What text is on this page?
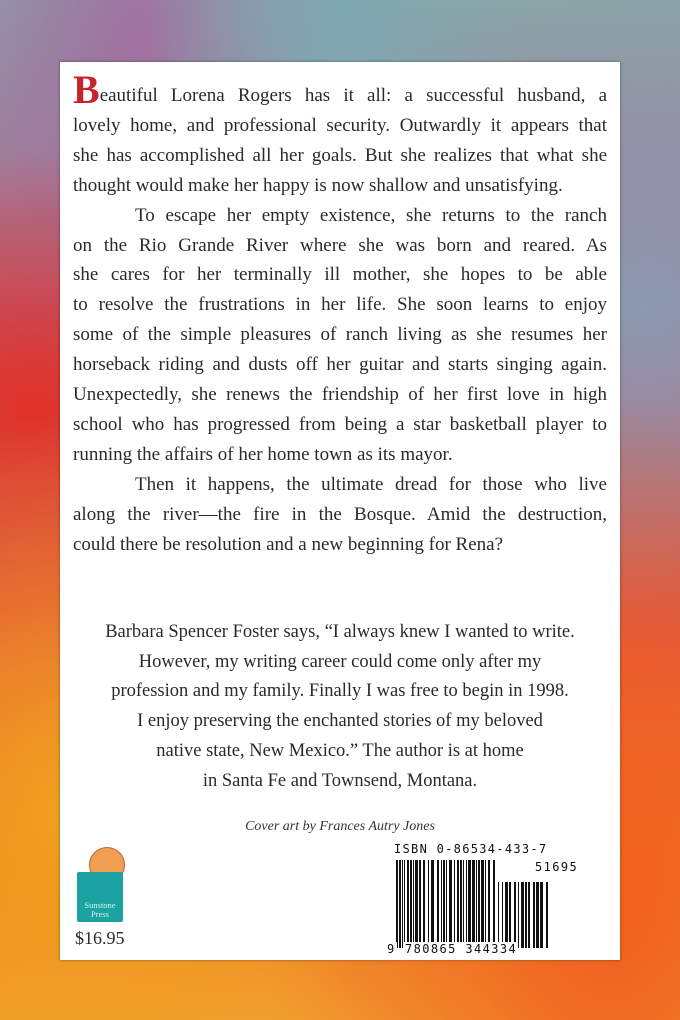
Beautiful Lorena Rogers has it all: a successful husband, a
lovely home, and professional security. Outwardly it appears that
she has accomplished all her goals. But she realizes that what she
thought would make her happy is now shallow and unsatisfying.
To escape her empty existence, she returns to the ranch
on the Rio Grande River where she was born and reared. As
she cares for her terminally ill mother, she hopes to be able
to resolve the frustrations in her life. She soon learns to enjoy
some of the simple pleasures of ranch living as she resumes her
horseback riding and dusts off her guitar and starts singing again.
Unexpectedly, she renews the friendship of her first love in high
school who has progressed from being a star basketball player to
running the affairs of her home town as its mayor.
Then it happens, the ultimate dread for those who live
along the river—the fire in the Bosque. Amid the destruction,
could there be resolution and a new beginning for Rena?
Barbara Spencer Foster says, “I always knew I wanted to write.
However, my writing career could come only after my
profession and my family. Finally I was free to begin in 1998.
I enjoy preserving the enchanted stories of my beloved
native state, New Mexico.” The author is at home
in Santa Fe and Townsend, Montana.
Cover art by Frances Autry Jones
Sunstone
Press
$16.95
ISBN 0-86534-433-7
51695
9 780865 344334
